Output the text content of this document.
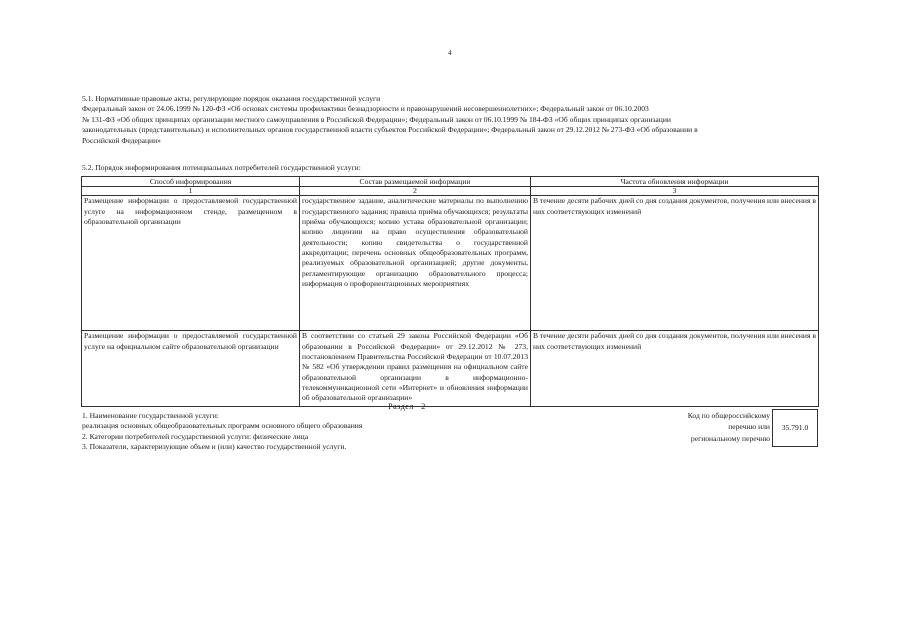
4

5.1. Нормативные правовые акты, регулирующие порядок оказания государственной услуги

Федеральный закон от 24.06.1999 № 120-ФЗ «Об основах системы профилактики безнадзорности и правонарушений несовершеннолетних»; Федеральный закон от 06.10.2003

№ 131-ФЗ «Об общих принципах организации местного самоуправления в Российской Федерации»; Федеральный закон от 06.10.1999 № 184-ФЗ «Об общих принципах организации

законодательных (представительных) и исполнительных органов государственной власти субъектов Российской Федерации»; Федеральный закон от 29.12.2012 № 273-ФЗ «Об образовании в

Российской Федерации»

5.2. Порядок информирования потенциальных потребителей государственной услуги:
Способ информирования	Состав размещаемой информации	Частота обновления информации
1	2	3
Размещение информации о предоставляемой государственной услуге на информационном стенде, размещенном в образовательной организации	государственное задание, аналитические материалы по выполнению государственного задания; правила приёма обучающихся; результаты приёма обучающихся; копию устава образовательной организации; копию лицензии на право осуществления образовательной деятельности; копию свидетельства о государственной аккредитации; перечень основных общеобразовательных программ, реализуемых образовательной организацией; другие документы, регламентирующие организацию образовательного процесса; информация о профориентационных мероприятиях	В течение десяти рабочих дней со дня создания документов, получения или внесения в них соответствующих изменений
Размещение информации о предоставляемой государственной услуге на официальном сайте образовательной организации	В соответствии со статьей 29 закона Российской Федерации «Об образовании в Российской Федерации» от 29.12.2012 № 273, постановлением Правительства Российской Федерации от 10.07.2013 № 582 «Об утверждении правил размещения на официальном сайте образовательной организации в информационно-телекоммуникационной сети «Интернет» и обновления информации об образовательной организации»	В течение десяти рабочих дней со дня создания документов, получения или внесения в них соответствующих изменений
Раздел   2
1. Наименование государственной услуги:
реализация основных общеобразовательных программ основного общего образования
2. Категории потребителей государственной услуги: физические лица
3. Показатели, характеризующие объем и (или) качество государственной услуги.
Код по общероссийскому
перечню или
региональному перечню
35.791.0
